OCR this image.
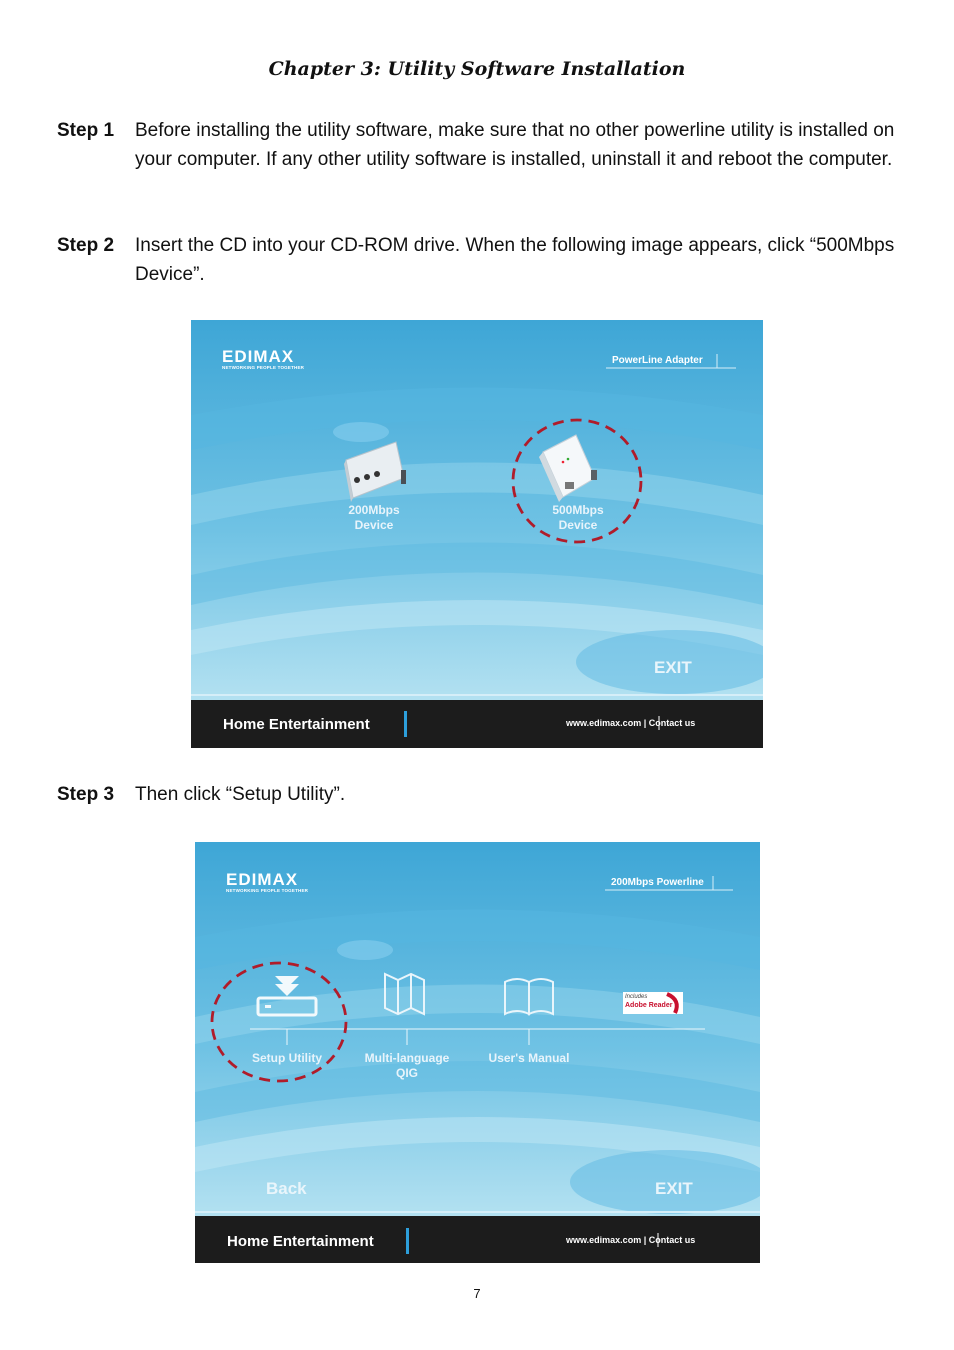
Chapter 3: Utility Software Installation
Step 1 Before installing the utility software, make sure that no other powerline utility is installed on your computer. If any other utility software is installed, uninstall it and reboot the computer.
Step 2 Insert the CD into your CD-ROM drive. When the following image appears, click “500Mbps Device”.
EDIMAX
NETWORKING PEOPLE TOGETHER
PowerLine Adapter
200Mbps
Device
500Mbps
Device
EXIT
Home Entertainment	www.edimax.com | Contact us
Step 3 Then click “Setup Utility”.
EDIMAX
NETWORKING PEOPLE TOGETHER
200Mbps Powerline
Includes
Adobe Reader
Setup Utility	Multi-language
QIG
User's Manual
Back	EXIT
Home Entertainment	www.edimax.com | Contact us
7
